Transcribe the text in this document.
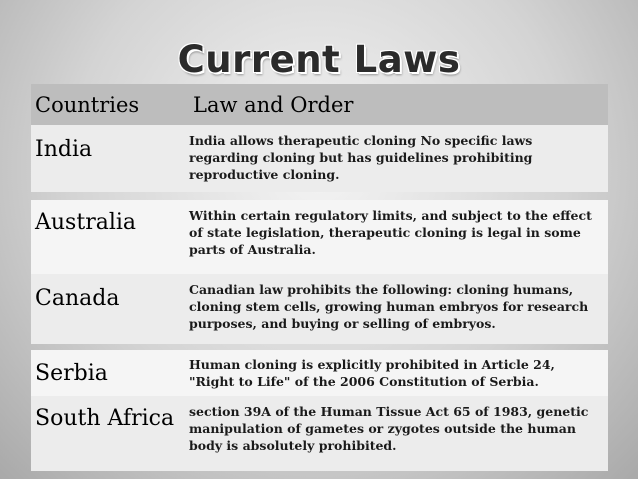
Current Laws
Countries	Law and Order
India	India allows therapeutic cloning No specific laws regarding cloning but has guidelines prohibiting reproductive cloning.
Australia	Within certain regulatory limits, and subject to the effect of state legislation, therapeutic cloning is legal in some parts of Australia.
Canada	Canadian law prohibits the following: cloning humans, cloning stem cells, growing human embryos for research purposes, and buying or selling of embryos.
Serbia	Human cloning is explicitly prohibited in Article 24, "Right to Life" of the 2006 Constitution of Serbia.
South Africa	section 39A of the Human Tissue Act 65 of 1983, genetic manipulation of gametes or zygotes outside the human body is absolutely prohibited.
